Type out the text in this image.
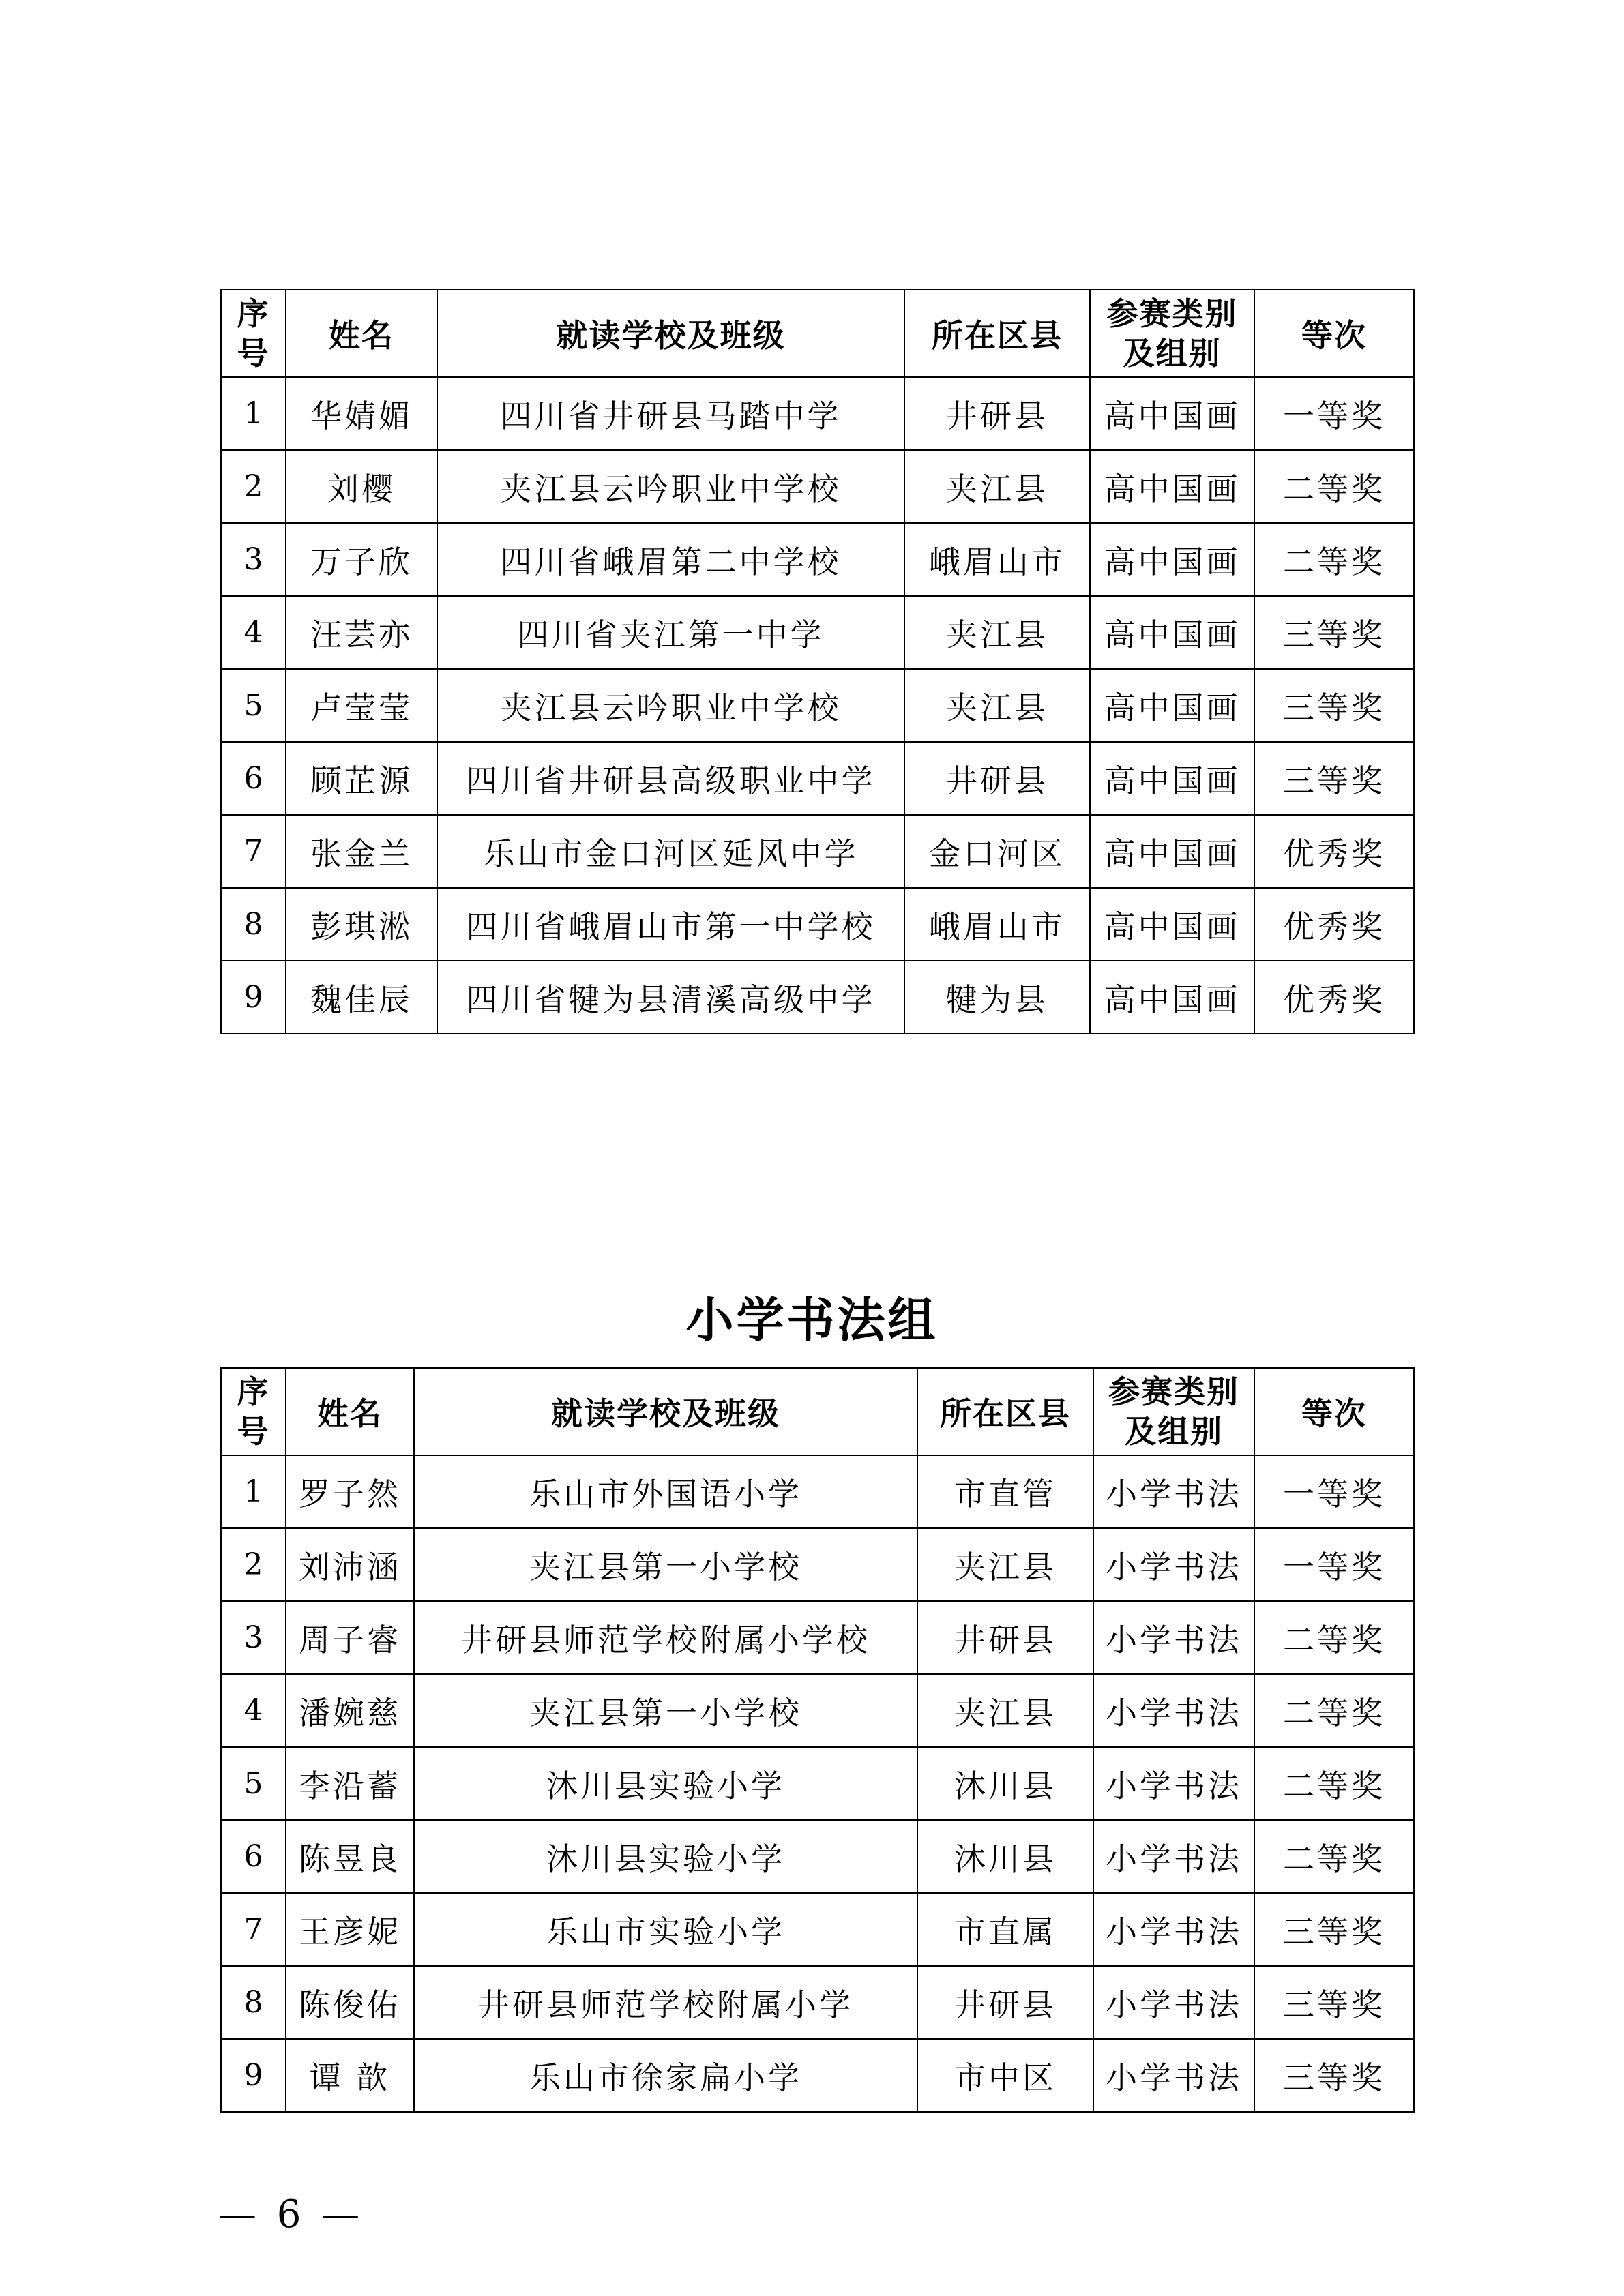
序号	姓名	就读学校及班级	所在区县	参赛类别及组别	等次
1	华婧媚	四川省井研县马踏中学	井研县	高中国画	一等奖
2	刘樱	夹江县云吟职业中学校	夹江县	高中国画	二等奖
3	万子欣	四川省峨眉第二中学校	峨眉山市	高中国画	二等奖
4	汪芸亦	四川省夹江第一中学	夹江县	高中国画	三等奖
5	卢莹莹	夹江县云吟职业中学校	夹江县	高中国画	三等奖
6	顾芷源	四川省井研县高级职业中学	井研县	高中国画	三等奖
7	张金兰	乐山市金口河区延风中学	金口河区	高中国画	优秀奖
8	彭琪淞	四川省峨眉山市第一中学校	峨眉山市	高中国画	优秀奖
9	魏佳辰	四川省犍为县清溪高级中学	犍为县	高中国画	优秀奖
小学书法组
序号	姓名	就读学校及班级	所在区县	参赛类别及组别	等次
1	罗子然	乐山市外国语小学	市直管	小学书法	一等奖
2	刘沛涵	夹江县第一小学校	夹江县	小学书法	一等奖
3	周子睿	井研县师范学校附属小学校	井研县	小学书法	二等奖
4	潘婉慈	夹江县第一小学校	夹江县	小学书法	二等奖
5	李沿蓄	沐川县实验小学	沐川县	小学书法	二等奖
6	陈昱良	沐川县实验小学	沐川县	小学书法	二等奖
7	王彦妮	乐山市实验小学	市直属	小学书法	三等奖
8	陈俊佑	井研县师范学校附属小学	井研县	小学书法	三等奖
9	谭 歆	乐山市徐家扁小学	市中区	小学书法	三等奖
— 6 —
